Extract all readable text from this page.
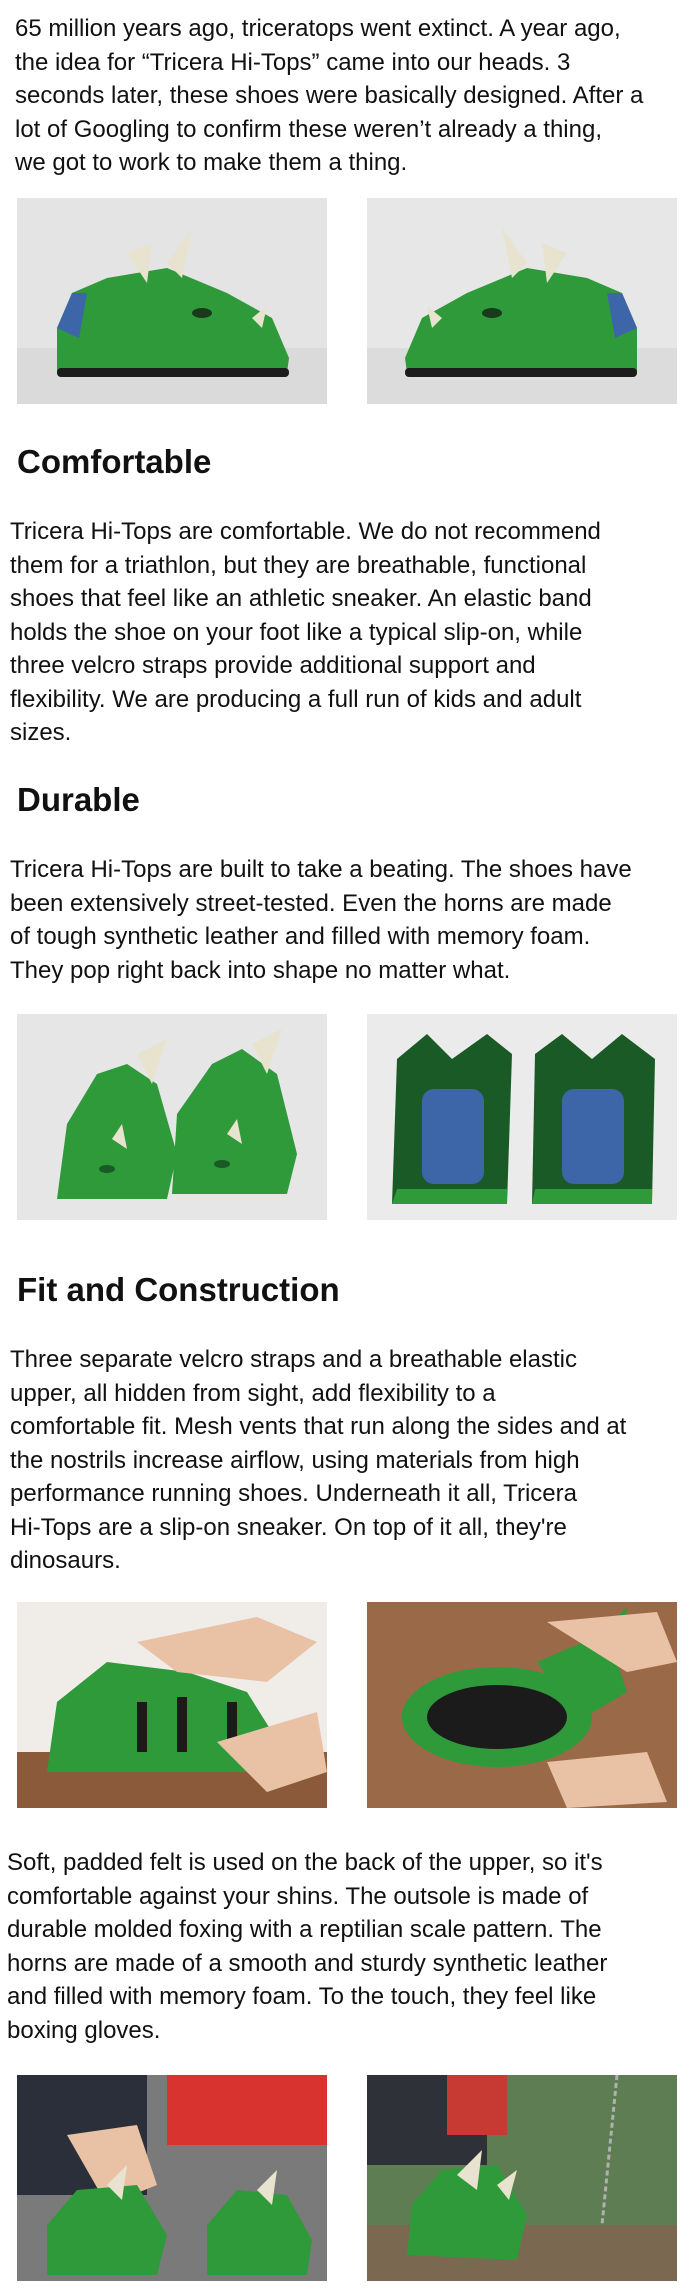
65 million years ago, triceratops went extinct. A year ago,
the idea for “Tricera Hi-Tops” came into our heads. 3
seconds later, these shoes were basically designed. After a
lot of Googling to confirm these weren’t already a thing,
we got to work to make them a thing.

Comfortable

Tricera Hi-Tops are comfortable. We do not recommend
them for a triathlon, but they are breathable, functional
shoes that feel like an athletic sneaker. An elastic band
holds the shoe on your foot like a typical slip-on, while
three velcro straps provide additional support and
flexibility. We are producing a full run of kids and adult
sizes.

Durable

Tricera Hi-Tops are built to take a beating. The shoes have
been extensively street-tested. Even the horns are made
of tough synthetic leather and filled with memory foam.
They pop right back into shape no matter what.

Fit and Construction

Three separate velcro straps and a breathable elastic
upper, all hidden from sight, add flexibility to a
comfortable fit. Mesh vents that run along the sides and at
the nostrils increase airflow, using materials from high
performance running shoes. Underneath it all, Tricera
Hi-Tops are a slip-on sneaker. On top of it all, they're
dinosaurs.

Soft, padded felt is used on the back of the upper, so it's
comfortable against your shins. The outsole is made of
durable molded foxing with a reptilian scale pattern. The
horns are made of a smooth and sturdy synthetic leather
and filled with memory foam. To the touch, they feel like
boxing gloves.
